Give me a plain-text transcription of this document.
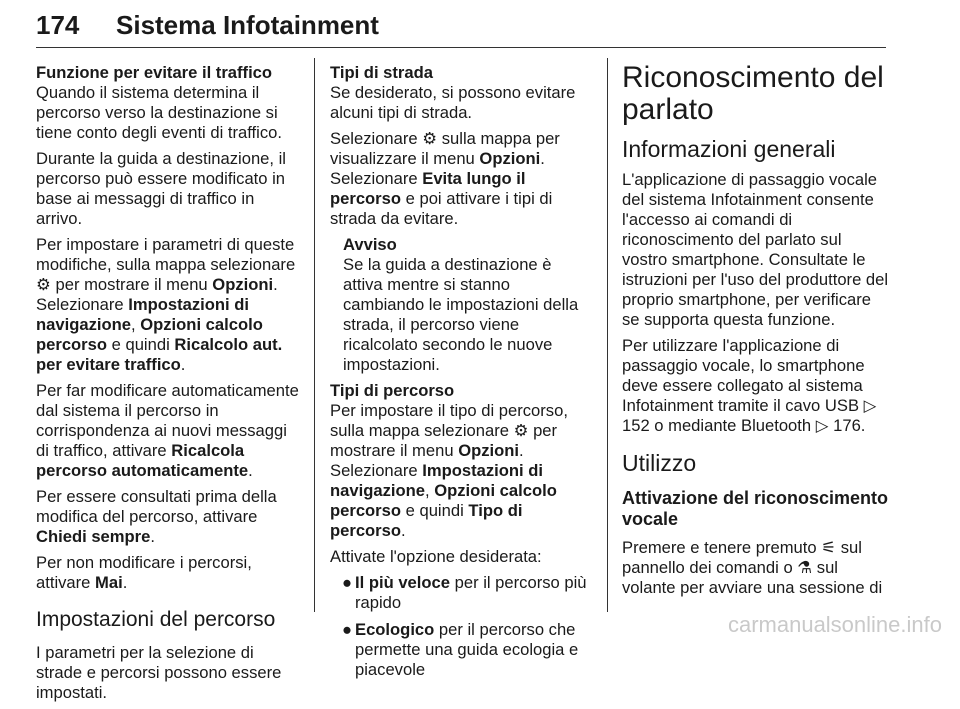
174 Sistema Infotainment

Funzione per evitare il traffico

Quando il sistema determina il percorso verso la destinazione si tiene conto degli eventi di traffico.

Durante la guida a destinazione, il percorso può essere modificato in base ai messaggi di traffico in arrivo.

Per impostare i parametri di queste modifiche, sulla mappa selezionare ⚙ per mostrare il menu Opzioni. Selezionare Impostazioni di navigazione, Opzioni calcolo percorso e quindi Ricalcolo aut. per evitare traffico.

Per far modificare automaticamente dal sistema il percorso in corrispondenza ai nuovi messaggi di traffico, attivare Ricalcola percorso automaticamente.

Per essere consultati prima della modifica del percorso, attivare Chiedi sempre.

Per non modificare i percorsi, attivare Mai.

Impostazioni del percorso

I parametri per la selezione di strade e percorsi possono essere impostati.

Tipi di strada

Se desiderato, si possono evitare alcuni tipi di strada.

Selezionare ⚙ sulla mappa per visualizzare il menu Opzioni. Selezionare Evita lungo il percorso e poi attivare i tipi di strada da evitare.

Avviso

Se la guida a destinazione è attiva mentre si stanno cambiando le impostazioni della strada, il percorso viene ricalcolato secondo le nuove impostazioni.

Tipi di percorso

Per impostare il tipo di percorso, sulla mappa selezionare ⚙ per mostrare il menu Opzioni. Selezionare Impostazioni di navigazione, Opzioni calcolo percorso e quindi Tipo di percorso.

Attivate l'opzione desiderata:

● Il più veloce per il percorso più rapido
● Ecologico per il percorso che permette una guida ecologia e piacevole

Riconoscimento del parlato

Informazioni generali

L'applicazione di passaggio vocale del sistema Infotainment consente l'accesso ai comandi di riconoscimento del parlato sul vostro smartphone. Consultate le istruzioni per l'uso del produttore del proprio smartphone, per verificare se supporta questa funzione.

Per utilizzare l'applicazione di passaggio vocale, lo smartphone deve essere collegato al sistema Infotainment tramite il cavo USB ▷ 152 o mediante Bluetooth ▷ 176.

Utilizzo

Attivazione del riconoscimento vocale

Premere e tenere premuto ⚟ sul pannello dei comandi o ⚗ sul volante per avviare una sessione di

carmanualsonline.info
